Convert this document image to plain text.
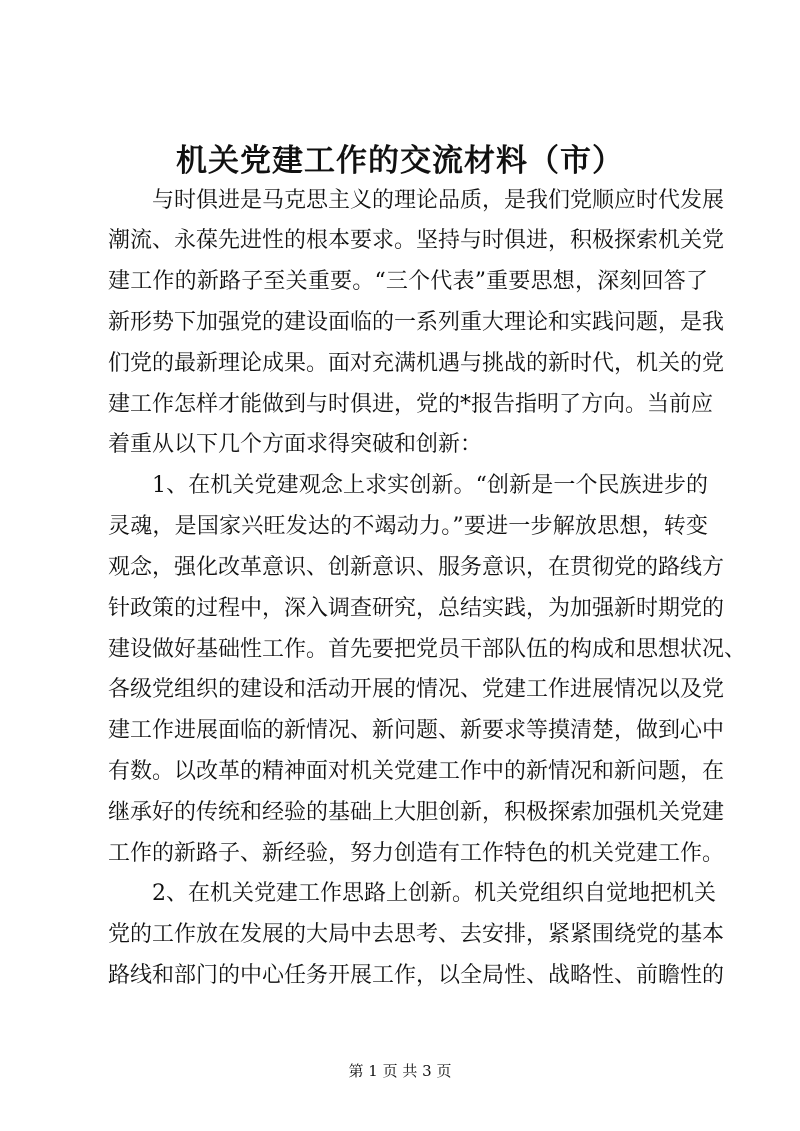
机关党建工作的交流材料（市）
与时俱进是马克思主义的理论品质，是我们党顺应时代发展
潮流、永葆先进性的根本要求。坚持与时俱进，积极探索机关党
建工作的新路子至关重要。“三个代表”重要思想，深刻回答了
新形势下加强党的建设面临的一系列重大理论和实践问题，是我
们党的最新理论成果。面对充满机遇与挑战的新时代，机关的党
建工作怎样才能做到与时俱进，党的*报告指明了方向。当前应
着重从以下几个方面求得突破和创新：
1、在机关党建观念上求实创新。“创新是一个民族进步的
灵魂，是国家兴旺发达的不竭动力。”要进一步解放思想，转变
观念，强化改革意识、创新意识、服务意识，在贯彻党的路线方
针政策的过程中，深入调查研究，总结实践，为加强新时期党的
建设做好基础性工作。首先要把党员干部队伍的构成和思想状况、
各级党组织的建设和活动开展的情况、党建工作进展情况以及党
建工作进展面临的新情况、新问题、新要求等摸清楚，做到心中
有数。以改革的精神面对机关党建工作中的新情况和新问题，在
继承好的传统和经验的基础上大胆创新，积极探索加强机关党建
工作的新路子、新经验，努力创造有工作特色的机关党建工作。
2、在机关党建工作思路上创新。机关党组织自觉地把机关
党的工作放在发展的大局中去思考、去安排，紧紧围绕党的基本
路线和部门的中心任务开展工作，以全局性、战略性、前瞻性的
第 1 页 共 3 页
